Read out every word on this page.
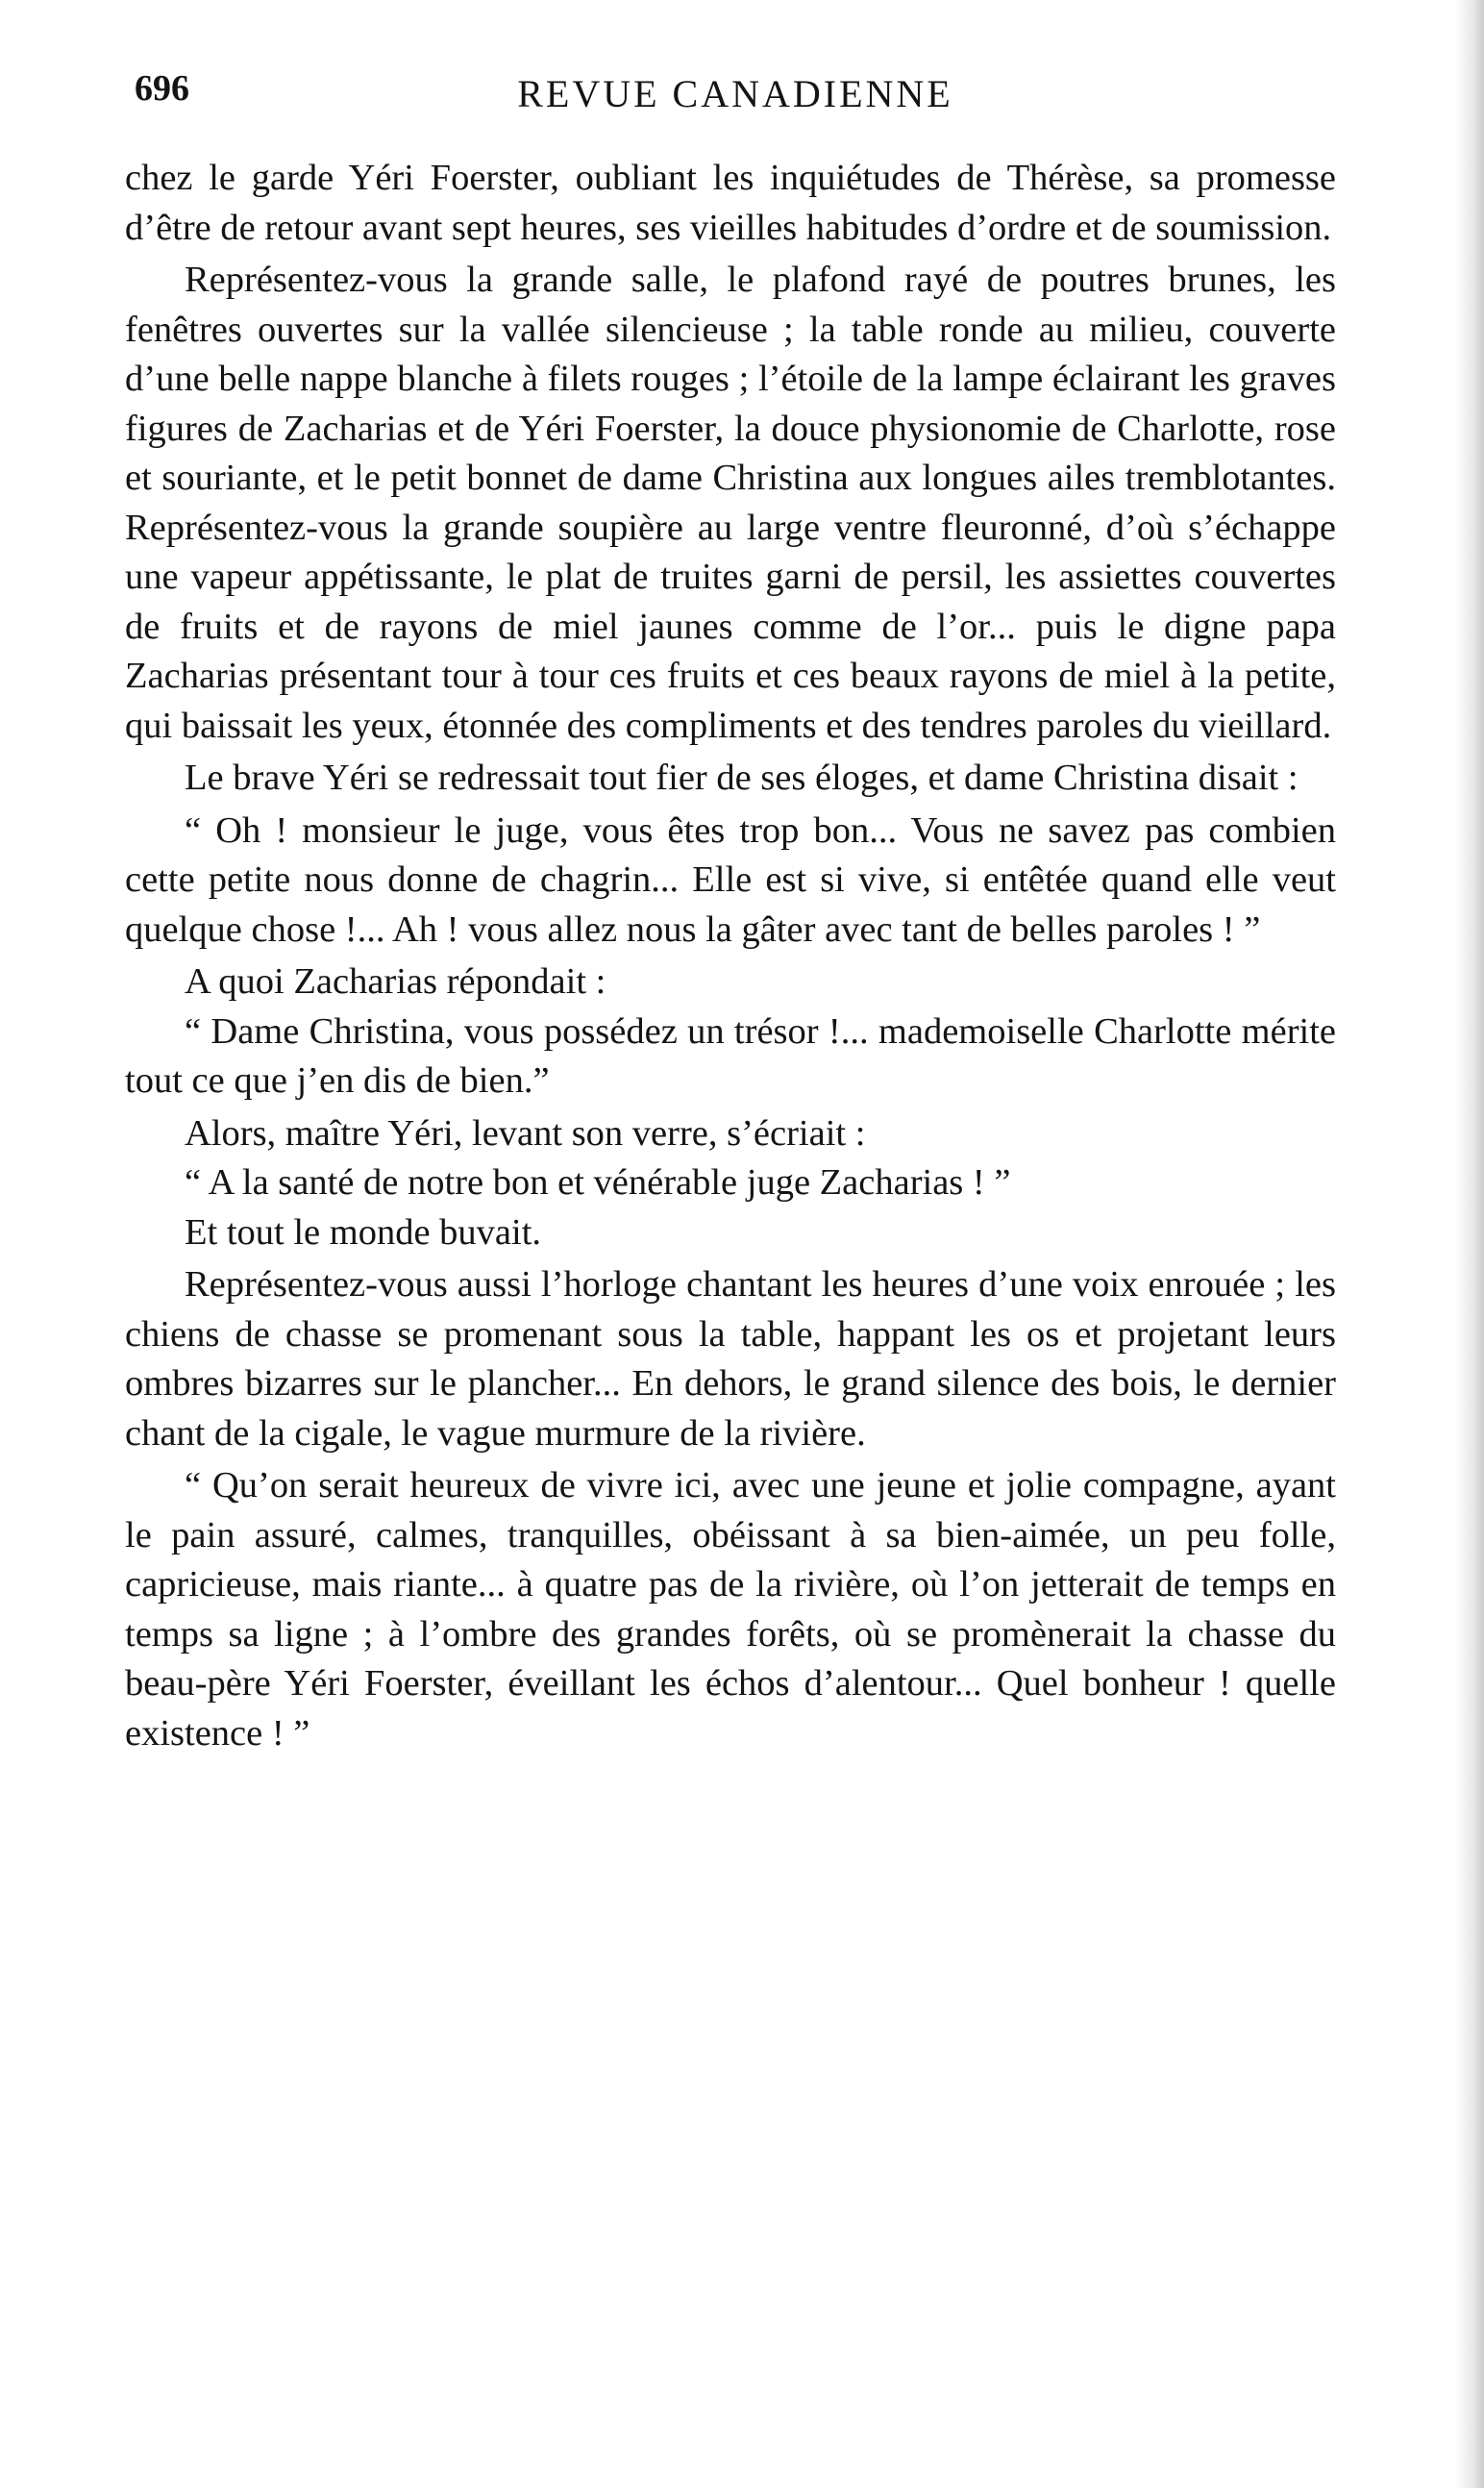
696	REVUE CANADIENNE

chez le garde Yéri Foerster, oubliant les inquiétudes de Thérèse, sa promesse d’être de retour avant sept heures, ses vieilles habitudes d’ordre et de soumission.

Représentez-vous la grande salle, le plafond rayé de poutres brunes, les fenêtres ouvertes sur la vallée silencieuse ; la table ronde au milieu, couverte d’une belle nappe blanche à filets rouges ; l’étoile de la lampe éclairant les graves figures de Zacharias et de Yéri Foerster, la douce physionomie de Charlotte, rose et souriante, et le petit bonnet de dame Christina aux longues ailes tremblotantes. Représentez-vous la grande soupière au large ventre fleuronné, d’où s’échappe une vapeur appétissante, le plat de truites garni de persil, les assiettes couvertes de fruits et de rayons de miel jaunes comme de l’or... puis le digne papa Zacharias présentant tour à tour ces fruits et ces beaux rayons de miel à la petite, qui baissait les yeux, étonnée des compliments et des tendres paroles du vieillard.

Le brave Yéri se redressait tout fier de ses éloges, et dame Christina disait :

“ Oh ! monsieur le juge, vous êtes trop bon... Vous ne savez pas combien cette petite nous donne de chagrin... Elle est si vive, si entêtée quand elle veut quelque chose !... Ah ! vous allez nous la gâter avec tant de belles paroles ! ”

A quoi Zacharias répondait :

“ Dame Christina, vous possédez un trésor !... mademoiselle Charlotte mérite tout ce que j’en dis de bien.”

Alors, maître Yéri, levant son verre, s’écriait :

“ A la santé de notre bon et vénérable juge Zacharias ! ”

Et tout le monde buvait.

Représentez-vous aussi l’horloge chantant les heures d’une voix enrouée ; les chiens de chasse se promenant sous la table, happant les os et projetant leurs ombres bizarres sur le plancher... En dehors, le grand silence des bois, le dernier chant de la cigale, le vague murmure de la rivière.

“ Qu’on serait heureux de vivre ici, avec une jeune et jolie compagne, ayant le pain assuré, calmes, tranquilles, obéissant à sa bien-aimée, un peu folle, capricieuse, mais riante... à quatre pas de la rivière, où l’on jetterait de temps en temps sa ligne ; à l’ombre des grandes forêts, où se promènerait la chasse du beau-père Yéri Foerster, éveillant les échos d’alentour... Quel bonheur ! quelle existence ! ”
